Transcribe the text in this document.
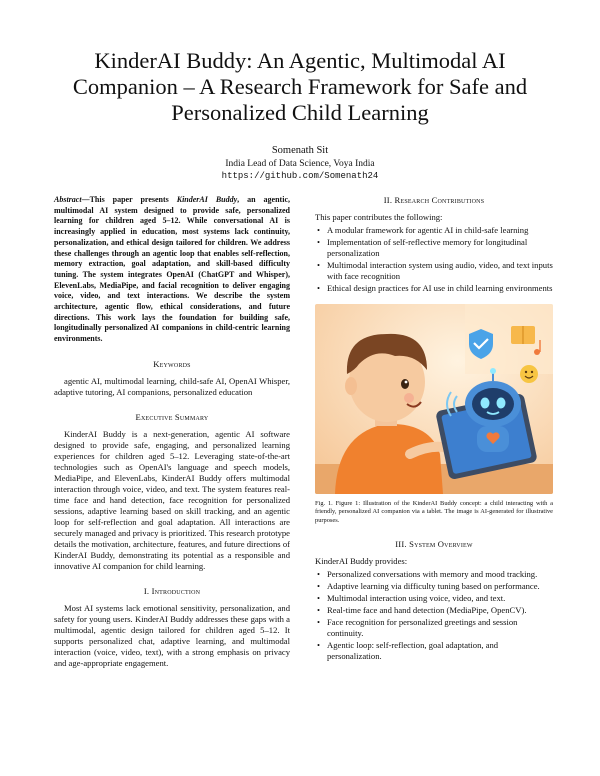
KinderAI Buddy: An Agentic, Multimodal AI Companion – A Research Framework for Safe and Personalized Child Learning
Somenath Sit
India Lead of Data Science, Voya India
https://github.com/Somenath24

Abstract—This paper presents KinderAI Buddy, an agentic, multimodal AI system designed to provide safe, personalized learning for children aged 5–12. While conversational AI is increasingly applied in education, most systems lack continuity, personalization, and ethical design tailored for children. We address these challenges through an agentic loop that enables self-reflection, memory extraction, goal adaptation, and skill-based difficulty tuning. The system integrates OpenAI (ChatGPT and Whisper), ElevenLabs, MediaPipe, and facial recognition to deliver engaging voice, video, and text interactions. We describe the system architecture, agentic flow, ethical considerations, and future directions. This work lays the foundation for building safe, longitudinally personalized AI companions in child-centric learning environments.

Keywords

agentic AI, multimodal learning, child-safe AI, OpenAI Whisper, adaptive tutoring, AI companions, personalized education

Executive Summary

KinderAI Buddy is a next-generation, agentic AI software designed to provide safe, engaging, and personalized learning experiences for children aged 5–12. Leveraging state-of-the-art technologies such as OpenAI's language and speech models, MediaPipe, and ElevenLabs, KinderAI Buddy offers multimodal interaction through voice, video, and text. The system features real-time face and hand detection, face recognition for personalized sessions, adaptive learning based on skill tracking, and an agentic loop for self-reflection and goal adaptation. All interactions are securely managed and privacy is prioritized. This research prototype details the motivation, architecture, features, and future directions of KinderAI Buddy, demonstrating its potential as a responsible and innovative AI companion for child learning.

I. Introduction

Most AI systems lack emotional sensitivity, personalization, and safety for young users. KinderAI Buddy addresses these gaps with a multimodal, agentic design tailored for children aged 5–12. It supports personalized chat, adaptive learning, and multimodal interaction (voice, video, text), with a strong emphasis on privacy and age-appropriate engagement.

II. Research Contributions

This paper contributes the following:

• A modular framework for agentic AI in child-safe learning
• Implementation of self-reflective memory for longitudinal personalization
• Multimodal interaction system using audio, video, and text inputs with face recognition
• Ethical design practices for AI use in child learning environments

Fig. 1. Figure 1: Illustration of the KinderAI Buddy concept: a child interacting with a friendly, personalized AI companion via a tablet. The image is AI-generated for illustrative purposes.

III. System Overview

KinderAI Buddy provides:

• Personalized conversations with memory and mood tracking.
• Adaptive learning via difficulty tuning based on performance.
• Multimodal interaction using voice, video, and text.
• Real-time face and hand detection (MediaPipe, OpenCV).
• Face recognition for personalized greetings and session continuity.
• Agentic loop: self-reflection, goal adaptation, and personalization.
